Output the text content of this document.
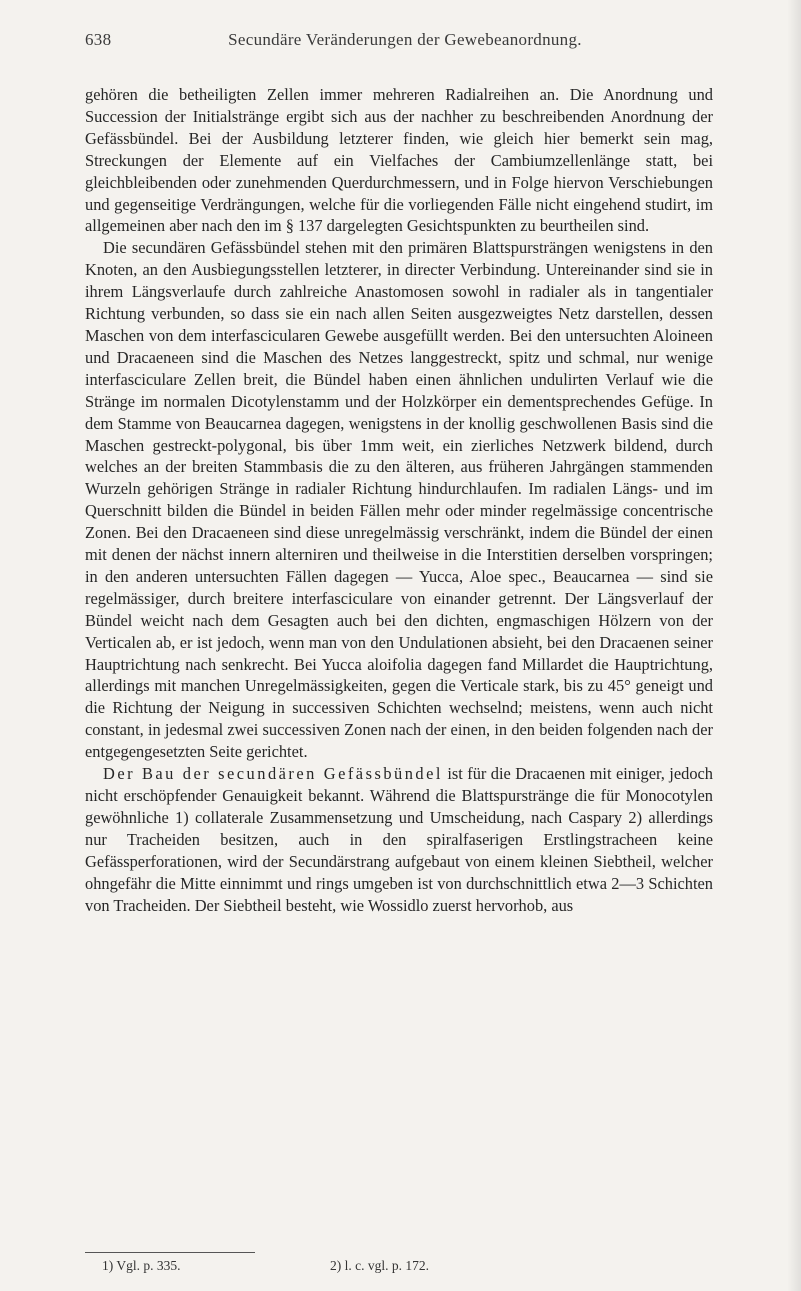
638	Secundäre Veränderungen der Gewebeanordnung.

gehören die betheiligten Zellen immer mehreren Radialreihen an. Die Anordnung und Succession der Initialstränge ergibt sich aus der nachher zu beschreibenden Anordnung der Gefässbündel. Bei der Ausbildung letzterer finden, wie gleich hier bemerkt sein mag, Streckungen der Elemente auf ein Vielfaches der Cambiumzellenlänge statt, bei gleichbleibenden oder zunehmenden Querdurchmessern, und in Folge hiervon Verschiebungen und gegenseitige Verdrängungen, welche für die vorliegenden Fälle nicht eingehend studirt, im allgemeinen aber nach den im § 137 dargelegten Gesichtspunkten zu beurtheilen sind.

Die secundären Gefässbündel stehen mit den primären Blattspursträngen wenigstens in den Knoten, an den Ausbiegungsstellen letzterer, in directer Verbindung. Untereinander sind sie in ihrem Längsverlaufe durch zahlreiche Anastomosen sowohl in radialer als in tangentialer Richtung verbunden, so dass sie ein nach allen Seiten ausgezweigtes Netz darstellen, dessen Maschen von dem interfascicularen Gewebe ausgefüllt werden. Bei den untersuchten Aloineen und Dracaeneen sind die Maschen des Netzes langgestreckt, spitz und schmal, nur wenige interfasciculare Zellen breit, die Bündel haben einen ähnlichen undulirten Verlauf wie die Stränge im normalen Dicotylenstamm und der Holzkörper ein dementsprechendes Gefüge. In dem Stamme von Beaucarnea dagegen, wenigstens in der knollig geschwollenen Basis sind die Maschen gestreckt-polygonal, bis über 1mm weit, ein zierliches Netzwerk bildend, durch welches an der breiten Stammbasis die zu den älteren, aus früheren Jahrgängen stammenden Wurzeln gehörigen Stränge in radialer Richtung hindurchlaufen. Im radialen Längs- und im Querschnitt bilden die Bündel in beiden Fällen mehr oder minder regelmässige concentrische Zonen. Bei den Dracaeneen sind diese unregelmässig verschränkt, indem die Bündel der einen mit denen der nächst innern alterniren und theilweise in die Interstitien derselben vorspringen; in den anderen untersuchten Fällen dagegen — Yucca, Aloe spec., Beaucarnea — sind sie regelmässiger, durch breitere interfasciculare von einander getrennt. Der Längsverlauf der Bündel weicht nach dem Gesagten auch bei den dichten, engmaschigen Hölzern von der Verticalen ab, er ist jedoch, wenn man von den Undulationen absieht, bei den Dracaenen seiner Hauptrichtung nach senkrecht. Bei Yucca aloifolia dagegen fand Millardet die Hauptrichtung, allerdings mit manchen Unregelmässigkeiten, gegen die Verticale stark, bis zu 45° geneigt und die Richtung der Neigung in successiven Schichten wechselnd; meistens, wenn auch nicht constant, in jedesmal zwei successiven Zonen nach der einen, in den beiden folgenden nach der entgegengesetzten Seite gerichtet.

Der Bau der secundären Gefässbündel ist für die Dracaenen mit einiger, jedoch nicht erschöpfender Genauigkeit bekannt. Während die Blattspurstränge die für Monocotylen gewöhnliche 1) collaterale Zusammensetzung und Umscheidung, nach Caspary 2) allerdings nur Tracheiden besitzen, auch in den spiralfaserigen Erstlingstracheen keine Gefässperforationen, wird der Secundärstrang aufgebaut von einem kleinen Siebtheil, welcher ohngefähr die Mitte einnimmt und rings umgeben ist von durchschnittlich etwa 2—3 Schichten von Tracheiden. Der Siebtheil besteht, wie Wossidlo zuerst hervorhob, aus

1) Vgl. p. 335.	2) l. c. vgl. p. 172.
